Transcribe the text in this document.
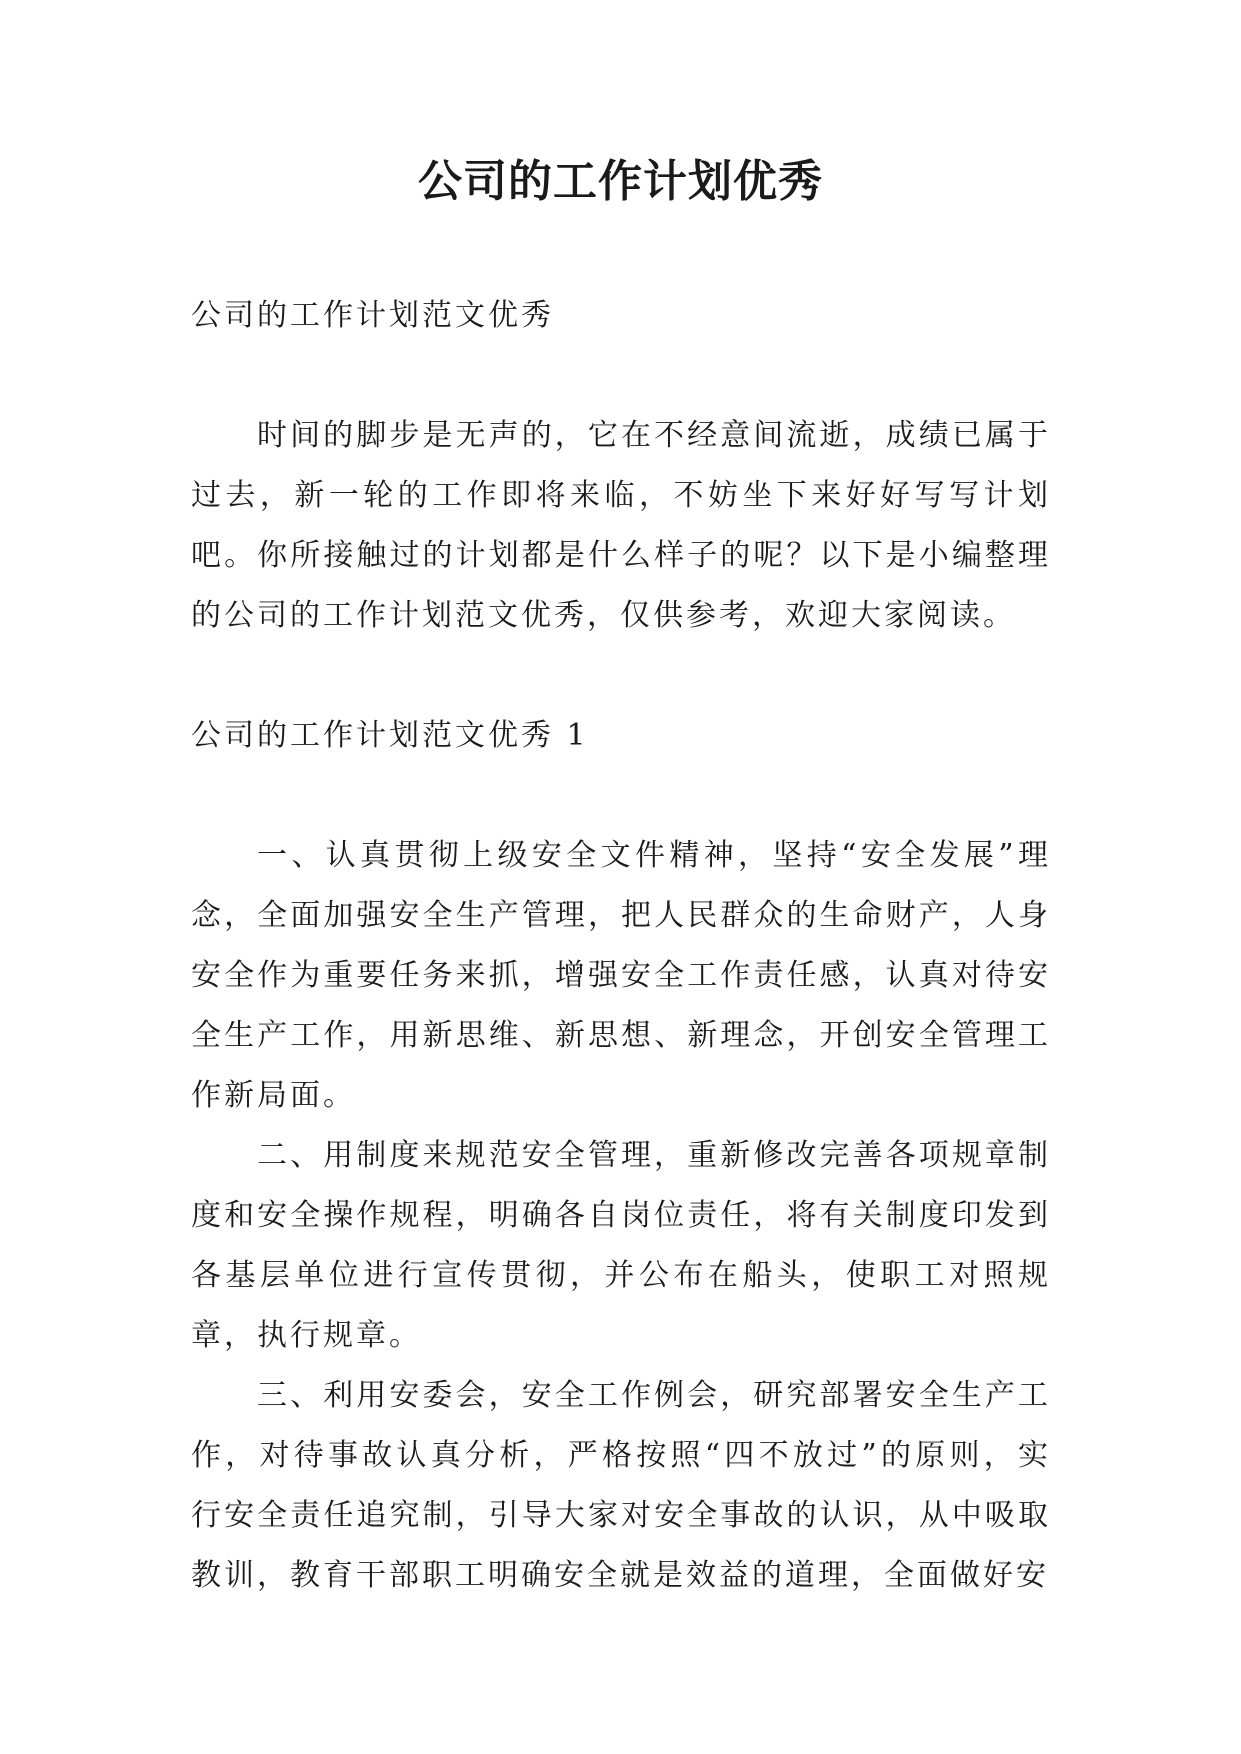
公司的工作计划优秀

公司的工作计划范文优秀

时间的脚步是无声的，它在不经意间流逝，成绩已属于过去，新一轮的工作即将来临，不妨坐下来好好写写计划吧。你所接触过的计划都是什么样子的呢？以下是小编整理的公司的工作计划范文优秀，仅供参考，欢迎大家阅读。

公司的工作计划范文优秀 1

一、认真贯彻上级安全文件精神，坚持“安全发展”理念，全面加强安全生产管理，把人民群众的生命财产，人身安全作为重要任务来抓，增强安全工作责任感，认真对待安全生产工作，用新思维、新思想、新理念，开创安全管理工作新局面。

二、用制度来规范安全管理，重新修改完善各项规章制度和安全操作规程，明确各自岗位责任，将有关制度印发到各基层单位进行宣传贯彻，并公布在船头，使职工对照规章，执行规章。

三、利用安委会，安全工作例会，研究部署安全生产工作，对待事故认真分析，严格按照“四不放过”的原则，实行安全责任追究制，引导大家对安全事故的认识，从中吸取教训，教育干部职工明确安全就是效益的道理，全面做好安
